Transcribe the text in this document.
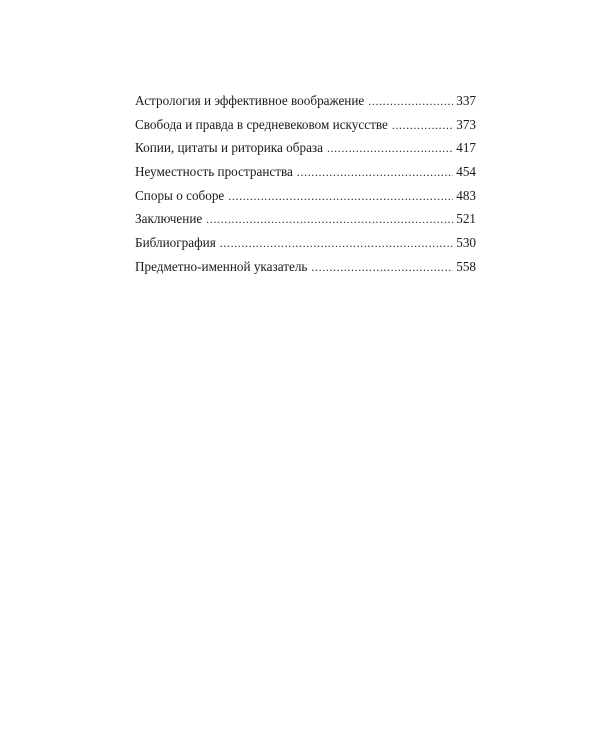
Астрология и эффективное воображение . . .	337
Свобода и правда в средневековом искусстве . . .	373
Копии, цитаты и риторика образа . . .	417
Неуместность пространства . . .	454
Споры о соборе . . .	483
Заключение . . .	521
Библиография . . .	530
Предметно-именной указатель . . .	558
